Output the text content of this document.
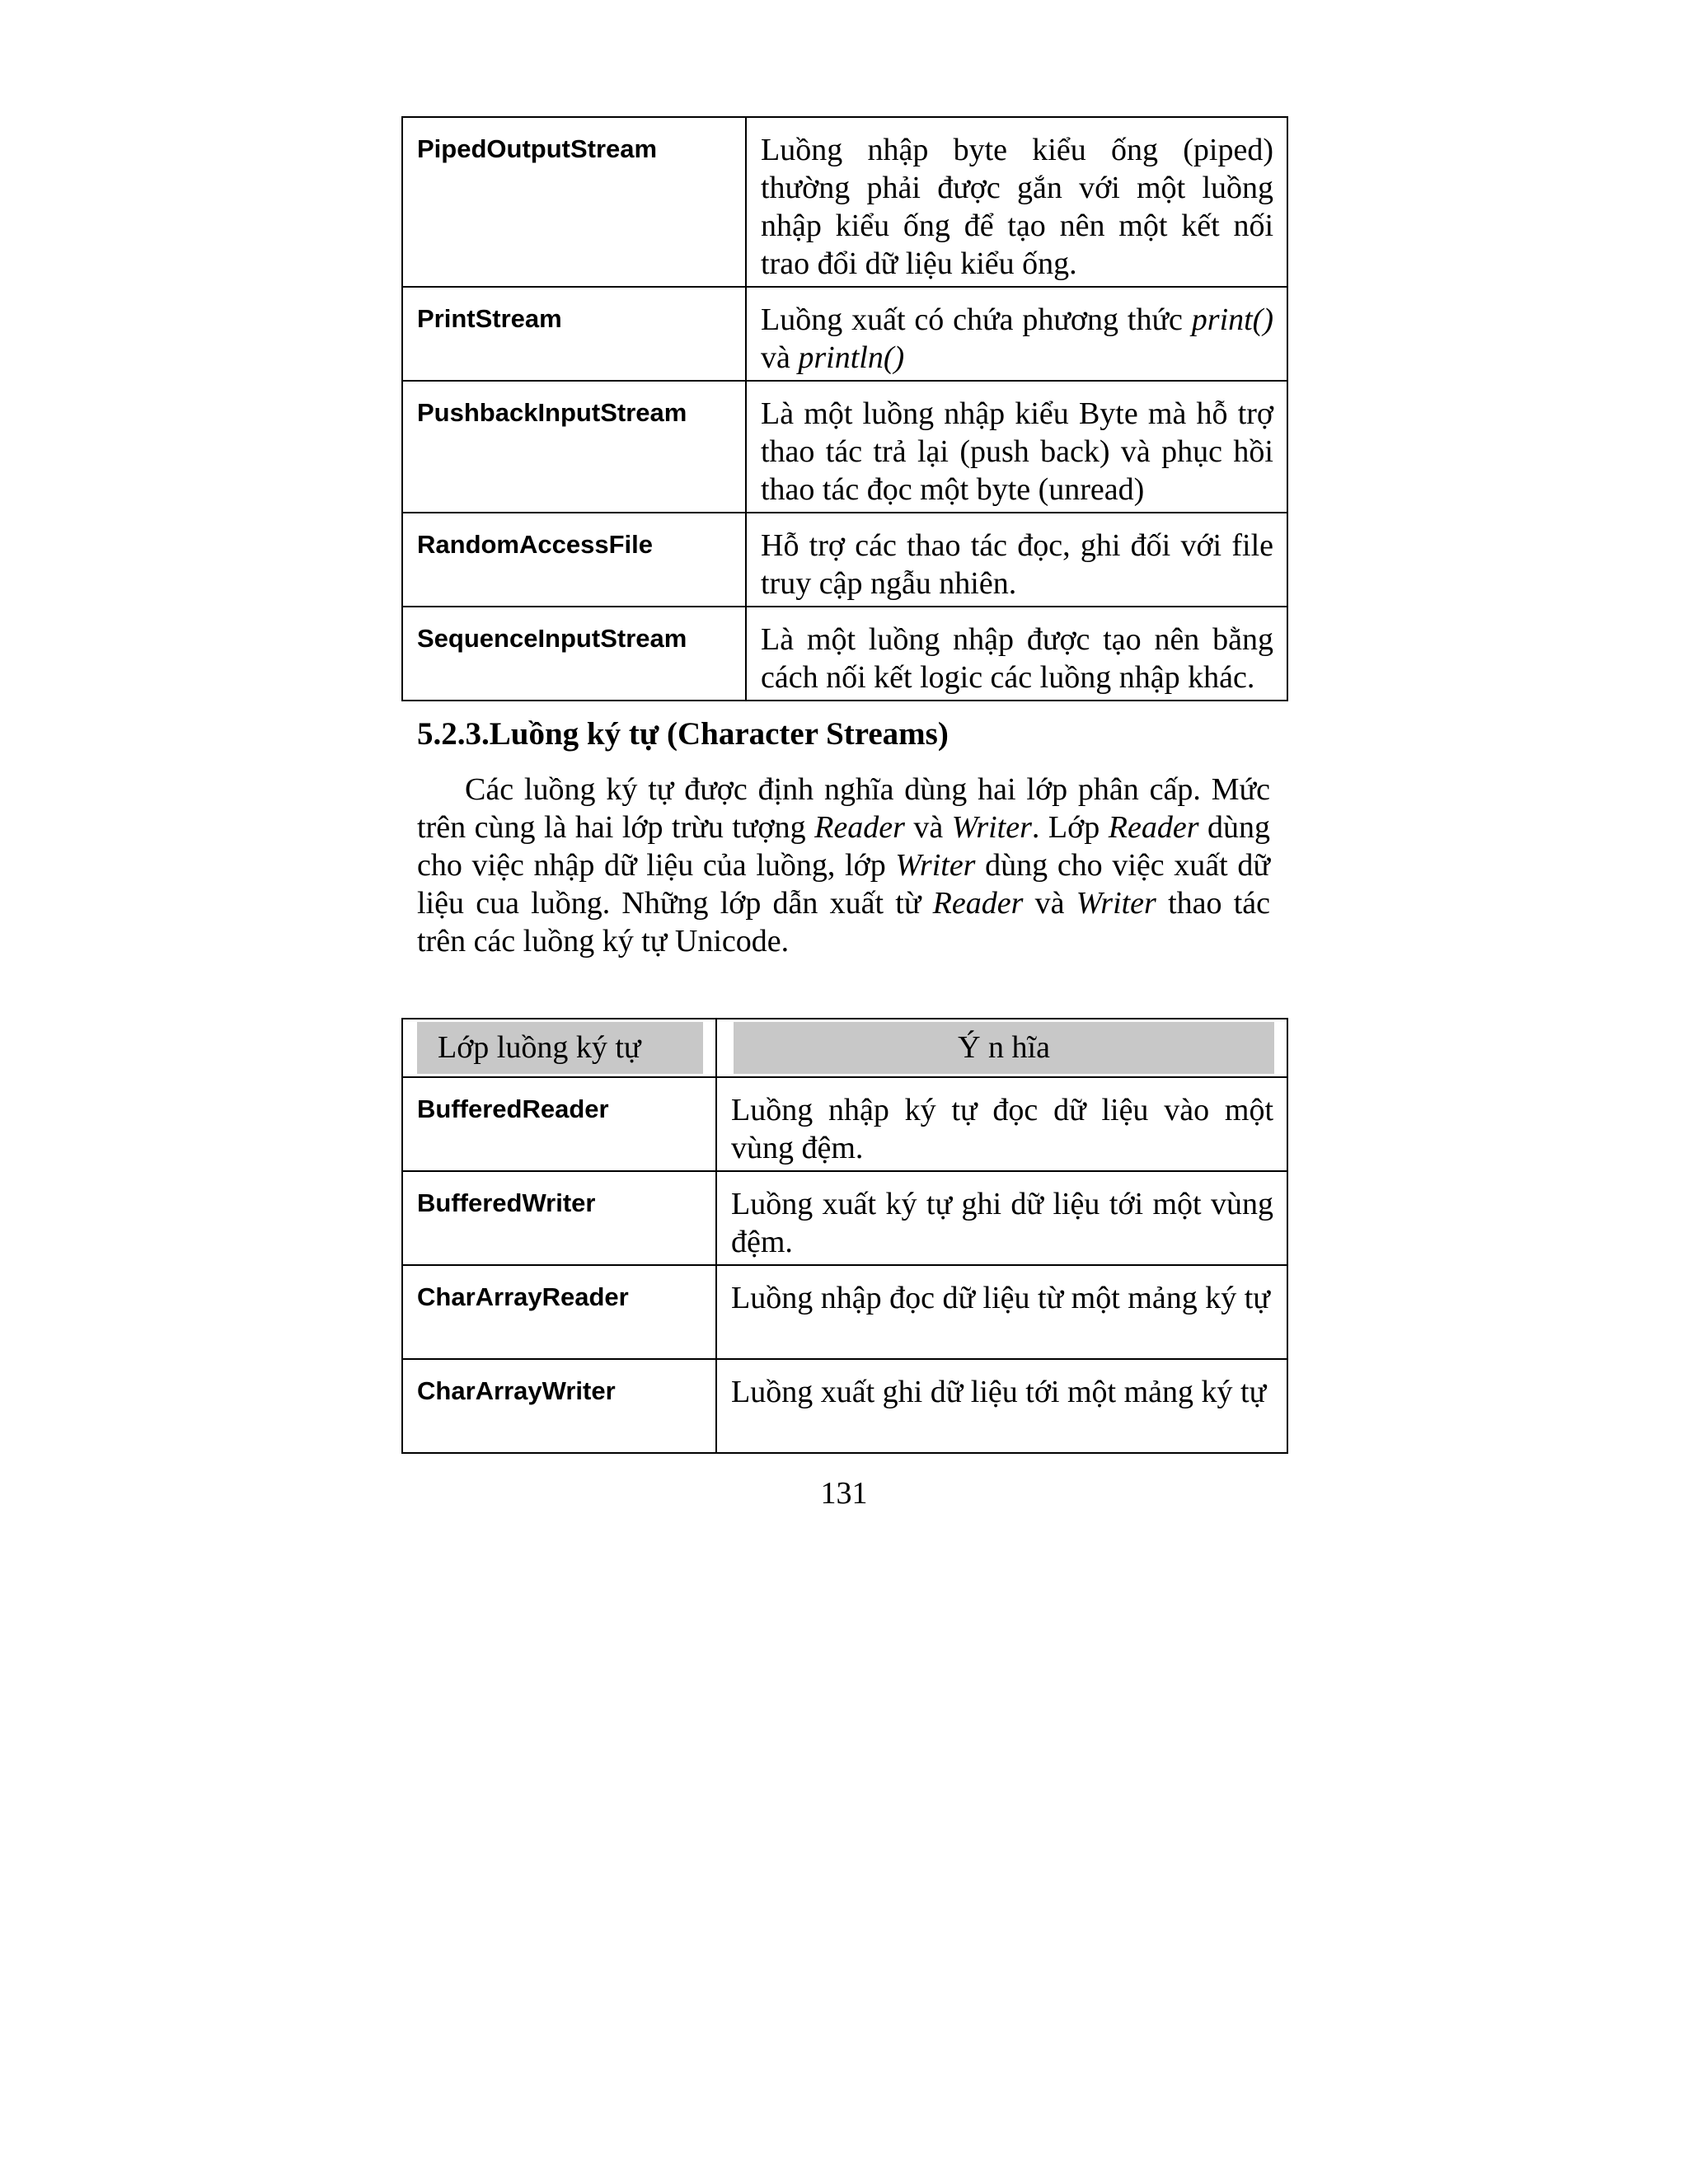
PipedOutputStream	Luồng nhập byte kiểu ống (piped) thường phải được gắn với một luồng nhập kiểu ống để tạo nên một kết nối trao đổi dữ liệu kiểu ống.
PrintStream	Luồng xuất có chứa phương thức print() và println()
PushbackInputStream	Là một luồng nhập kiểu Byte mà hỗ trợ thao tác trả lại (push back) và phục hồi thao tác đọc một byte (unread)
RandomAccessFile	Hỗ trợ các thao tác đọc, ghi đối với file truy cập ngẫu nhiên.
SequenceInputStream	Là một luồng nhập được tạo nên bằng cách nối kết logic các luồng nhập khác.
5.2.3.Luồng ký tự (Character Streams)
Các luồng ký tự được định nghĩa dùng hai lớp phân cấp. Mức trên cùng là hai lớp trừu tượng Reader và Writer. Lớp Reader dùng cho việc nhập dữ liệu của luồng, lớp Writer dùng cho việc xuất dữ liệu cua luồng. Những lớp dẫn xuất từ Reader và Writer thao tác trên các luồng ký tự Unicode.
Lớp luồng ký tự	Ý n hĩa

BufferedReader	Luồng nhập ký tự đọc dữ liệu vào một vùng đệm.
BufferedWriter	Luồng xuất ký tự ghi dữ liệu tới một vùng đệm.
CharArrayReader	Luồng nhập đọc dữ liệu từ một mảng ký tự
CharArrayWriter	Luồng xuất ghi dữ liệu tới một mảng ký tự
131
